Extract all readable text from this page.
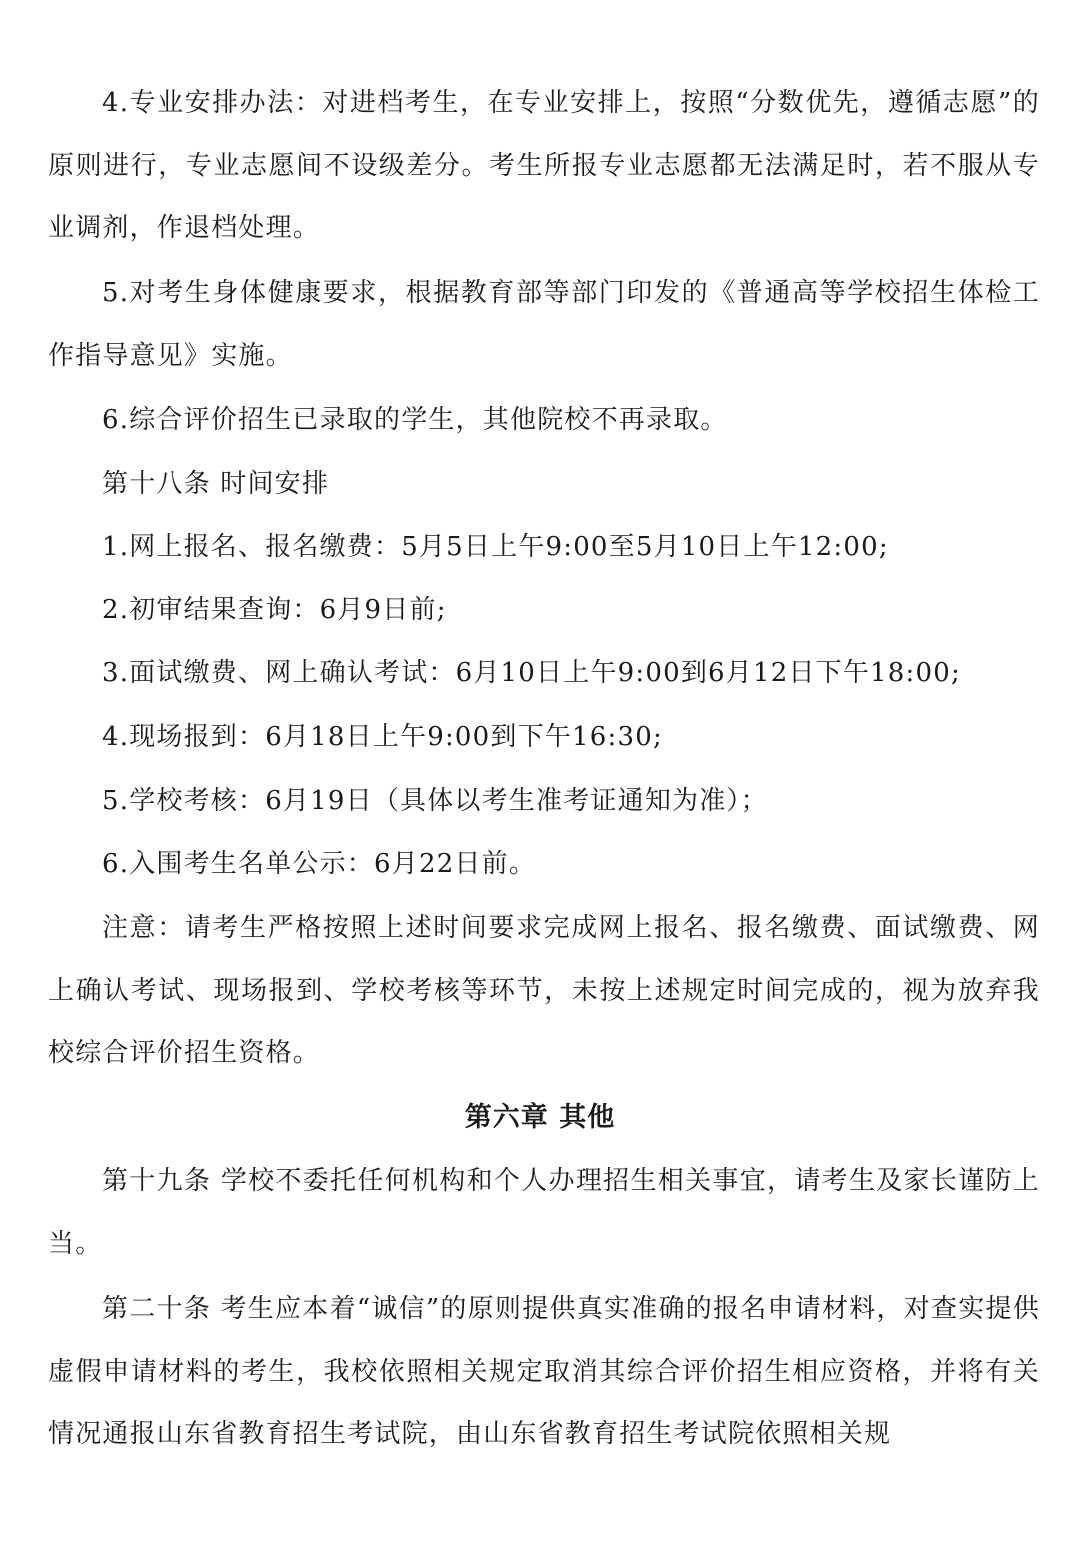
4.专业安排办法：对进档考生，在专业安排上，按照“分数优先，遵循志愿”的原则进行，专业志愿间不设级差分。考生所报专业志愿都无法满足时，若不服从专业调剂，作退档处理。

5.对考生身体健康要求，根据教育部等部门印发的《普通高等学校招生体检工作指导意见》实施。

6.综合评价招生已录取的学生，其他院校不再录取。

第十八条 时间安排

1.网上报名、报名缴费：5月5日上午9:00至5月10日上午12:00;

2.初审结果查询：6月9日前;

3.面试缴费、网上确认考试：6月10日上午9:00到6月12日下午18:00;

4.现场报到：6月18日上午9:00到下午16:30;

5.学校考核：6月19日（具体以考生准考证通知为准）；

6.入围考生名单公示：6月22日前。

注意：请考生严格按照上述时间要求完成网上报名、报名缴费、面试缴费、网上确认考试、现场报到、学校考核等环节，未按上述规定时间完成的，视为放弃我校综合评价招生资格。

第六章 其他

第十九条 学校不委托任何机构和个人办理招生相关事宜，请考生及家长谨防上当。

第二十条 考生应本着“诚信”的原则提供真实准确的报名申请材料，对查实提供虚假申请材料的考生，我校依照相关规定取消其综合评价招生相应资格，并将有关情况通报山东省教育招生考试院，由山东省教育招生考试院依照相关规
